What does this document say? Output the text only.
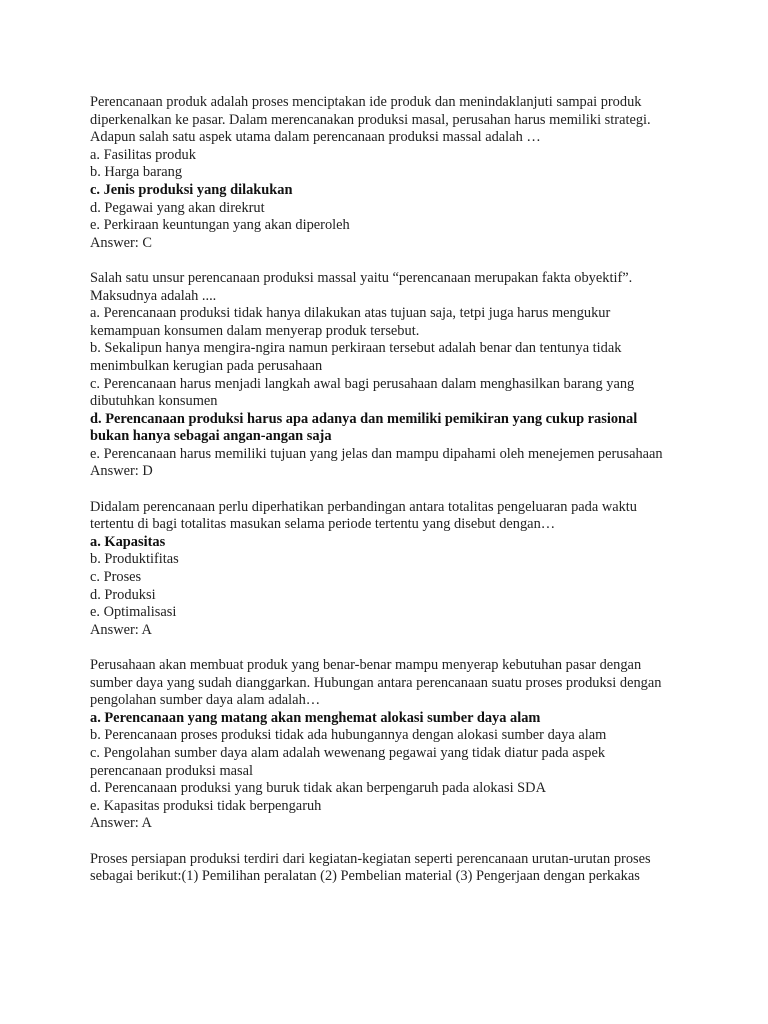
Perencanaan produk adalah proses menciptakan ide produk dan menindaklanjuti sampai produk diperkenalkan ke pasar. Dalam merencanakan produksi masal, perusahan harus memiliki strategi. Adapun salah satu aspek utama dalam perencanaan produksi massal adalah …

a. Fasilitas produk

b. Harga barang

c. Jenis produksi yang dilakukan

d. Pegawai yang akan direkrut

e. Perkiraan keuntungan yang akan diperoleh

Answer: C

Salah satu unsur perencanaan produksi massal yaitu “perencanaan merupakan fakta obyektif”. Maksudnya adalah ....

a. Perencanaan produksi tidak hanya dilakukan atas tujuan saja, tetpi juga harus mengukur kemampuan konsumen dalam menyerap produk tersebut.

b. Sekalipun hanya mengira-ngira namun perkiraan tersebut adalah benar dan tentunya tidak menimbulkan kerugian pada perusahaan

c. Perencanaan harus menjadi langkah awal bagi perusahaan dalam menghasilkan barang yang dibutuhkan konsumen

d. Perencanaan produksi harus apa adanya dan memiliki pemikiran yang cukup rasional bukan hanya sebagai angan-angan saja

e. Perencanaan harus memiliki tujuan yang jelas dan mampu dipahami oleh menejemen perusahaan

Answer: D

Didalam perencanaan perlu diperhatikan perbandingan antara totalitas pengeluaran pada waktu tertentu di bagi totalitas masukan selama periode tertentu yang disebut dengan…

a. Kapasitas

b. Produktifitas

c. Proses

d. Produksi

e. Optimalisasi

Answer: A

Perusahaan akan membuat produk yang benar-benar mampu menyerap kebutuhan pasar dengan sumber daya yang sudah dianggarkan. Hubungan antara perencanaan suatu proses produksi dengan pengolahan sumber daya alam adalah…

a. Perencanaan yang matang akan menghemat alokasi sumber daya alam

b. Perencanaan proses produksi tidak ada hubungannya dengan alokasi sumber daya alam

c. Pengolahan sumber daya alam adalah wewenang pegawai yang tidak diatur pada aspek perencanaan produksi masal

d. Perencanaan produksi yang buruk tidak akan berpengaruh pada alokasi SDA

e. Kapasitas produksi tidak berpengaruh

Answer: A

Proses persiapan produksi terdiri dari kegiatan-kegiatan seperti perencanaan urutan-urutan proses sebagai berikut:(1) Pemilihan peralatan (2) Pembelian material (3) Pengerjaan dengan perkakas
